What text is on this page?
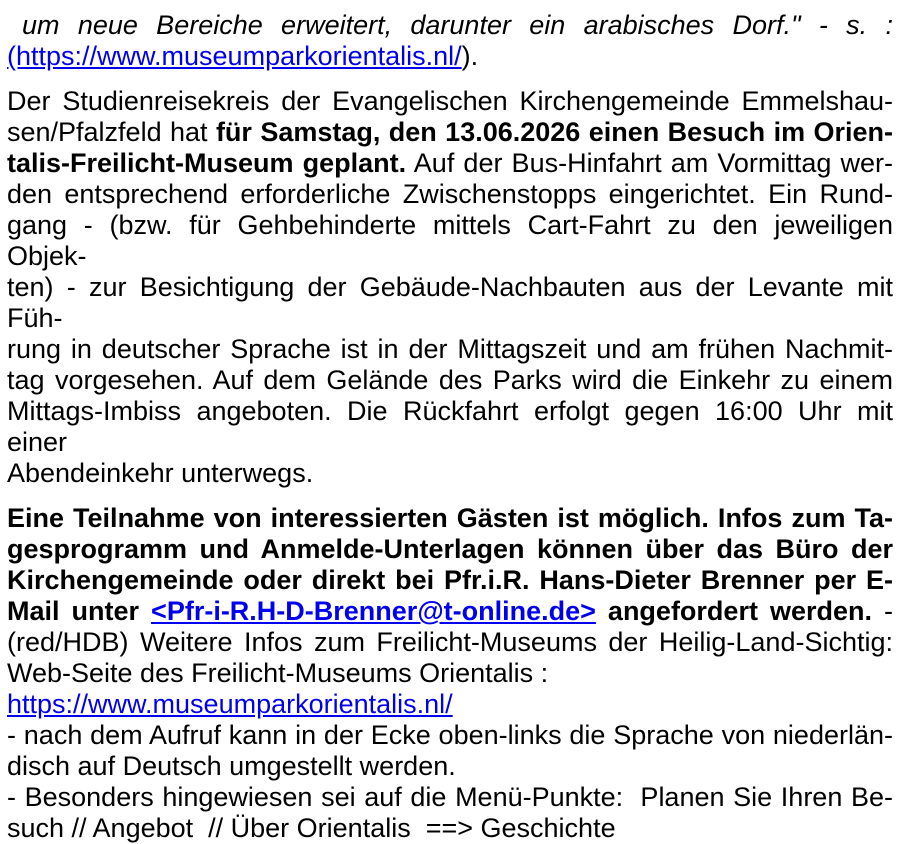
um neue Bereiche erweitert, darunter ein arabisches Dorf." - s. :
(https://www.museumparkorientalis.nl/).
Der Studienreisekreis der Evangelischen Kirchengemeinde Emmelshau-
sen/Pfalzfeld hat für Samstag, den 13.06.2026 einen Besuch im Orien-
talis-Freilicht-Museum geplant. Auf der Bus-Hinfahrt am Vormittag wer-
den entsprechend erforderliche Zwischenstopps eingerichtet. Ein Rund-
gang - (bzw. für Gehbehinderte mittels Cart-Fahrt zu den jeweiligen Objek-
ten) - zur Besichtigung der Gebäude-Nachbauten aus der Levante mit Füh-
rung in deutscher Sprache ist in der Mittagszeit und am frühen Nachmit-
tag vorgesehen. Auf dem Gelände des Parks wird die Einkehr zu einem
Mittags-Imbiss angeboten. Die Rückfahrt erfolgt gegen 16:00 Uhr mit einer
Abendeinkehr unterwegs.
Eine Teilnahme von interessierten Gästen ist möglich. Infos zum Ta-
gesprogramm und Anmelde-Unterlagen können über das Büro der
Kirchengemeinde oder direkt bei Pfr.i.R. Hans-Dieter Brenner per E-
Mail unter <Pfr-i-R.H-D-Brenner@t-online.de> angefordert werden. -
(red/HDB) Weitere Infos zum Freilicht-Museums der Heilig-Land-Sichtig:
Web-Seite des Freilicht-Museums Orientalis :
https://www.museumparkorientalis.nl/
- nach dem Aufruf kann in der Ecke oben-links die Sprache von niederlän-
disch auf Deutsch umgestellt werden.
- Besonders hingewiesen sei auf die Menü-Punkte:  Planen Sie Ihren Be-
such // Angebot  // Über Orientalis  ==> Geschichte
